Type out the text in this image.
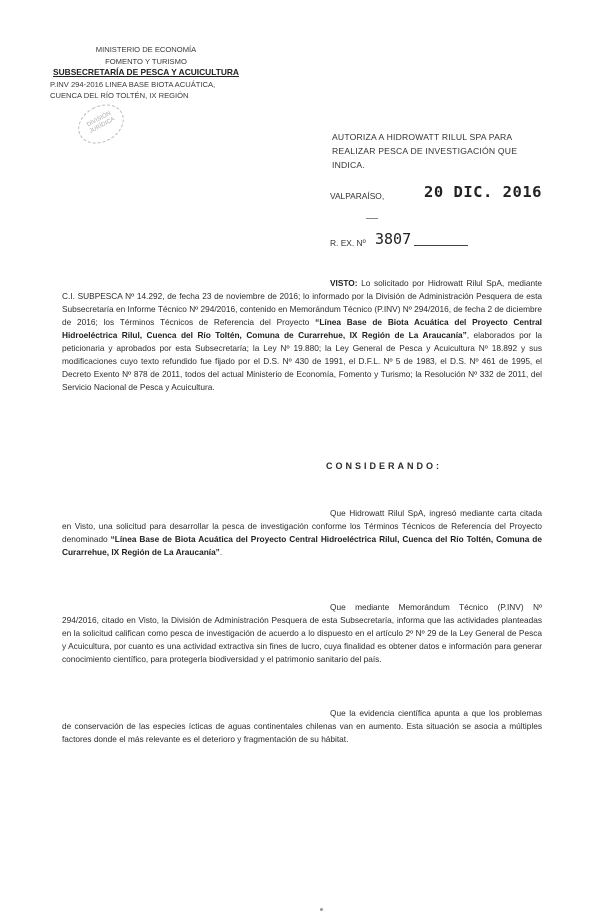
MINISTERIO DE ECONOMÍA
FOMENTO Y TURISMO
SUBSECRETARÍA DE PESCA Y ACUICULTURA
P.INV 294-2016 LINEA BASE BIOTA ACUÁTICA,
CUENCA DEL RÍO TOLTÉN, IX REGIÓN
DIVISIÓN JURÍDICA
AUTORIZA A HIDROWATT RILUL SPA PARA REALIZAR PESCA DE INVESTIGACIÓN QUE INDICA.
VALPARAÍSO,	20 DIC. 2016
R. EX. Nº 3807
VISTO: Lo solicitado por Hidrowatt Rilul SpA, mediante C.I. SUBPESCA Nº 14.292, de fecha 23 de noviembre de 2016; lo informado por la División de Administración Pesquera de esta Subsecretaría en Informe Técnico Nº 294/2016, contenido en Memorándum Técnico (P.INV) Nº 294/2016, de fecha 2 de diciembre de 2016; los Términos Técnicos de Referencia del Proyecto “Línea Base de Biota Acuática del Proyecto Central Hidroeléctrica Rilul, Cuenca del Río Toltén, Comuna de Curarrehue, IX Región de La Araucanía”, elaborados por la peticionaria y aprobados por esta Subsecretaría; la Ley Nº 19.880; la Ley General de Pesca y Acuicultura Nº 18.892 y sus modificaciones cuyo texto refundido fue fijado por el D.S. Nº 430 de 1991, el D.F.L. Nº 5 de 1983, el D.S. Nº 461 de 1995, el Decreto Exento Nº 878 de 2011, todos del actual Ministerio de Economía, Fomento y Turismo; la Resolución Nº 332 de 2011, del Servicio Nacional de Pesca y Acuicultura.
CONSIDERANDO:
Que Hidrowatt Rilul SpA, ingresó mediante carta citada en Visto, una solicitud para desarrollar la pesca de investigación conforme los Términos Técnicos de Referencia del Proyecto denominado “Línea Base de Biota Acuática del Proyecto Central Hidroeléctrica Rilul, Cuenca del Río Toltén, Comuna de Curarrehue, IX Región de La Araucanía”.
Que mediante Memorándum Técnico (P.INV) Nº 294/2016, citado en Visto, la División de Administración Pesquera de esta Subsecretaría, informa que las actividades planteadas en la solicitud califican como pesca de investigación de acuerdo a lo dispuesto en el artículo 2º Nº 29 de la Ley General de Pesca y Acuicultura, por cuanto es una actividad extractiva sin fines de lucro, cuya finalidad es obtener datos e información para generar conocimiento científico, para protegerla biodiversidad y el patrimonio sanitario del país.
Que la evidencia científica apunta a que los problemas de conservación de las especies ícticas de aguas continentales chilenas van en aumento. Esta situación se asocia a múltiples factores donde el más relevante es el deterioro y fragmentación de su hábitat.
